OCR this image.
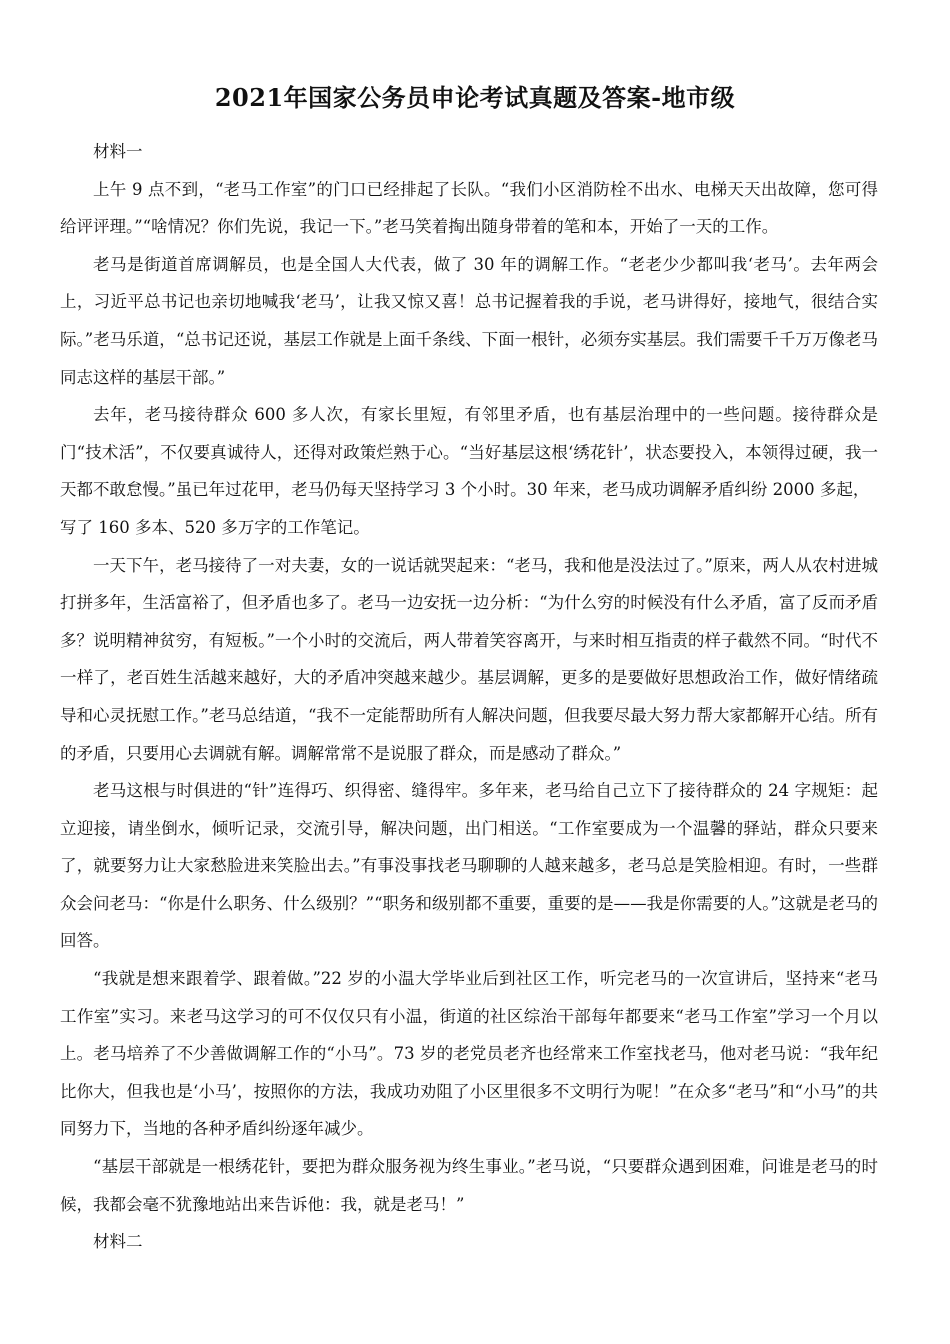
2021年国家公务员申论考试真题及答案-地市级

材料一

上午 9 点不到，“老马工作室”的门口已经排起了长队。“我们小区消防栓不出水、电梯天天出故障，您可得给评评理。”“啥情况？你们先说，我记一下。”老马笑着掏出随身带着的笔和本，开始了一天的工作。

老马是街道首席调解员，也是全国人大代表，做了 30 年的调解工作。“老老少少都叫我‘老马’。去年两会上，习近平总书记也亲切地喊我‘老马’，让我又惊又喜！总书记握着我的手说，老马讲得好，接地气，很结合实际。”老马乐道，“总书记还说，基层工作就是上面千条线、下面一根针，必须夯实基层。我们需要千千万万像老马同志这样的基层干部。”

去年，老马接待群众 600 多人次，有家长里短，有邻里矛盾，也有基层治理中的一些问题。接待群众是门“技术活”，不仅要真诚待人，还得对政策烂熟于心。“当好基层这根‘绣花针’，状态要投入，本领得过硬，我一天都不敢怠慢。”虽已年过花甲，老马仍每天坚持学习 3 个小时。30 年来，老马成功调解矛盾纠纷 2000 多起，

写了 160 多本、520 多万字的工作笔记。

一天下午，老马接待了一对夫妻，女的一说话就哭起来：“老马，我和他是没法过了。”原来，两人从农村进城打拼多年，生活富裕了，但矛盾也多了。老马一边安抚一边分析：“为什么穷的时候没有什么矛盾，富了反而矛盾多？说明精神贫穷，有短板。”一个小时的交流后，两人带着笑容离开，与来时相互指责的样子截然不同。“时代不一样了，老百姓生活越来越好，大的矛盾冲突越来越少。基层调解，更多的是要做好思想政治工作，做好情绪疏导和心灵抚慰工作。”老马总结道，“我不一定能帮助所有人解决问题，但我要尽最大努力帮大家都解开心结。所有的矛盾，只要用心去调就有解。调解常常不是说服了群众，而是感动了群众。”

老马这根与时俱进的“针”连得巧、织得密、缝得牢。多年来，老马给自己立下了接待群众的 24 字规矩：起立迎接，请坐倒水，倾听记录，交流引导，解决问题，出门相送。“工作室要成为一个温馨的驿站，群众只要来了，就要努力让大家愁脸进来笑脸出去。”有事没事找老马聊聊的人越来越多，老马总是笑脸相迎。有时，一些群众会问老马：“你是什么职务、什么级别？”“职务和级别都不重要，重要的是——我是你需要的人。”这就是老马的回答。

“我就是想来跟着学、跟着做。”22 岁的小温大学毕业后到社区工作，听完老马的一次宣讲后，坚持来“老马工作室”实习。来老马这学习的可不仅仅只有小温，街道的社区综治干部每年都要来“老马工作室”学习一个月以上。老马培养了不少善做调解工作的“小马”。73 岁的老党员老齐也经常来工作室找老马，他对老马说：“我年纪比你大，但我也是‘小马’，按照你的方法，我成功劝阻了小区里很多不文明行为呢！”在众多“老马”和“小马”的共同努力下，当地的各种矛盾纠纷逐年减少。

“基层干部就是一根绣花针，要把为群众服务视为终生事业。”老马说，“只要群众遇到困难，问谁是老马的时候，我都会毫不犹豫地站出来告诉他：我，就是老马！”

材料二
